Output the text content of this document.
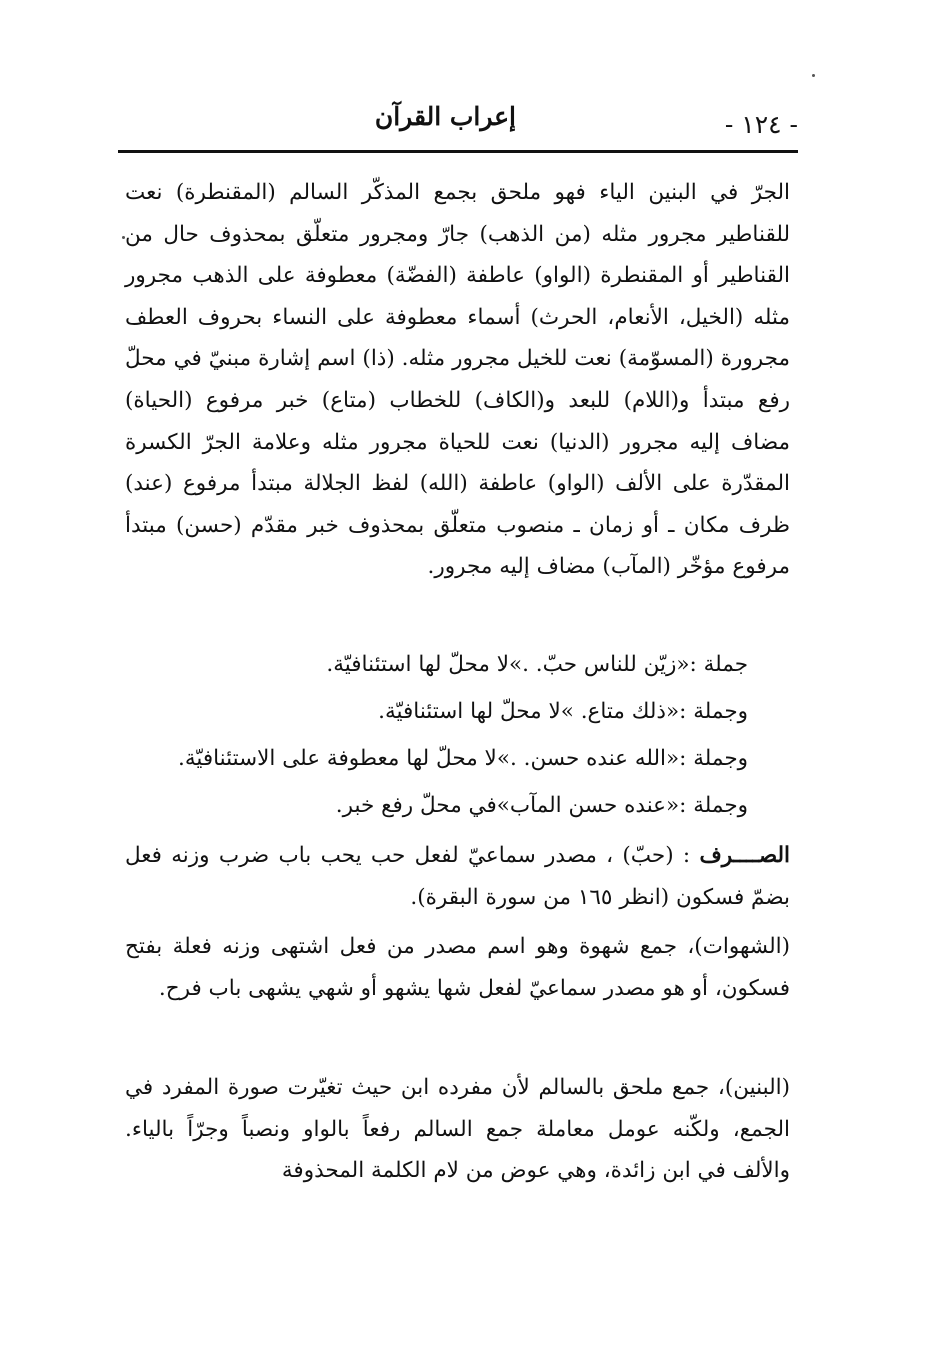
- ١٢٤ -
إعراب القرآن
الجرّ في البنين الياء فهو ملحق بجمع المذكّر السالم (المقنطرة) نعت للقناطير مجرور مثله (من الذهب) جارّ ومجرور متعلّق بمحذوف حال من القناطير أو المقنطرة (الواو) عاطفة (الفضّة) معطوفة على الذهب مجرور مثله (الخيل، الأنعام، الحرث) أسماء معطوفة على النساء بحروف العطف مجرورة (المسوّمة) نعت للخيل مجرور مثله. (ذا) اسم إشارة مبنيّ في محلّ رفع مبتدأ و(اللام) للبعد و(الكاف) للخطاب (متاع) خبر مرفوع (الحياة) مضاف إليه مجرور (الدنيا) نعت للحياة مجرور مثله وعلامة الجرّ الكسرة المقدّرة على الألف (الواو) عاطفة (الله) لفظ الجلالة مبتدأ مرفوع (عند) ظرف مكان ـ أو زمان ـ منصوب متعلّق بمحذوف خبر مقدّم (حسن) مبتدأ مرفوع مؤخّر (المآب) مضاف إليه مجرور.
جملة :«زيّن للناس حبّ. .»لا محلّ لها استئنافيّة.
وجملة :«ذلك متاع. »لا محلّ لها استئنافيّة.
وجملة :«الله عنده حسن. .»لا محلّ لها معطوفة على الاستئنافيّة.
وجملة :«عنده حسن المآب»في محلّ رفع خبر.
الصــــرف : (حبّ) ، مصدر سماعيّ لفعل حب يحب باب ضرب وزنه فعل بضمّ فسكون (انظر ١٦٥ من سورة البقرة).
(الشهوات)، جمع شهوة وهو اسم مصدر من فعل اشتهى وزنه فعلة بفتح فسكون، أو هو مصدر سماعيّ لفعل شها يشهو أو شهي يشهى باب فرح.
(البنين)، جمع ملحق بالسالم لأن مفرده ابن حيث تغيّرت صورة المفرد في الجمع، ولكّنه عومل معاملة جمع السالم رفعاً بالواو ونصباً وجرّاً بالياء. والألف في ابن زائدة، وهي عوض من لام الكلمة المحذوفة
